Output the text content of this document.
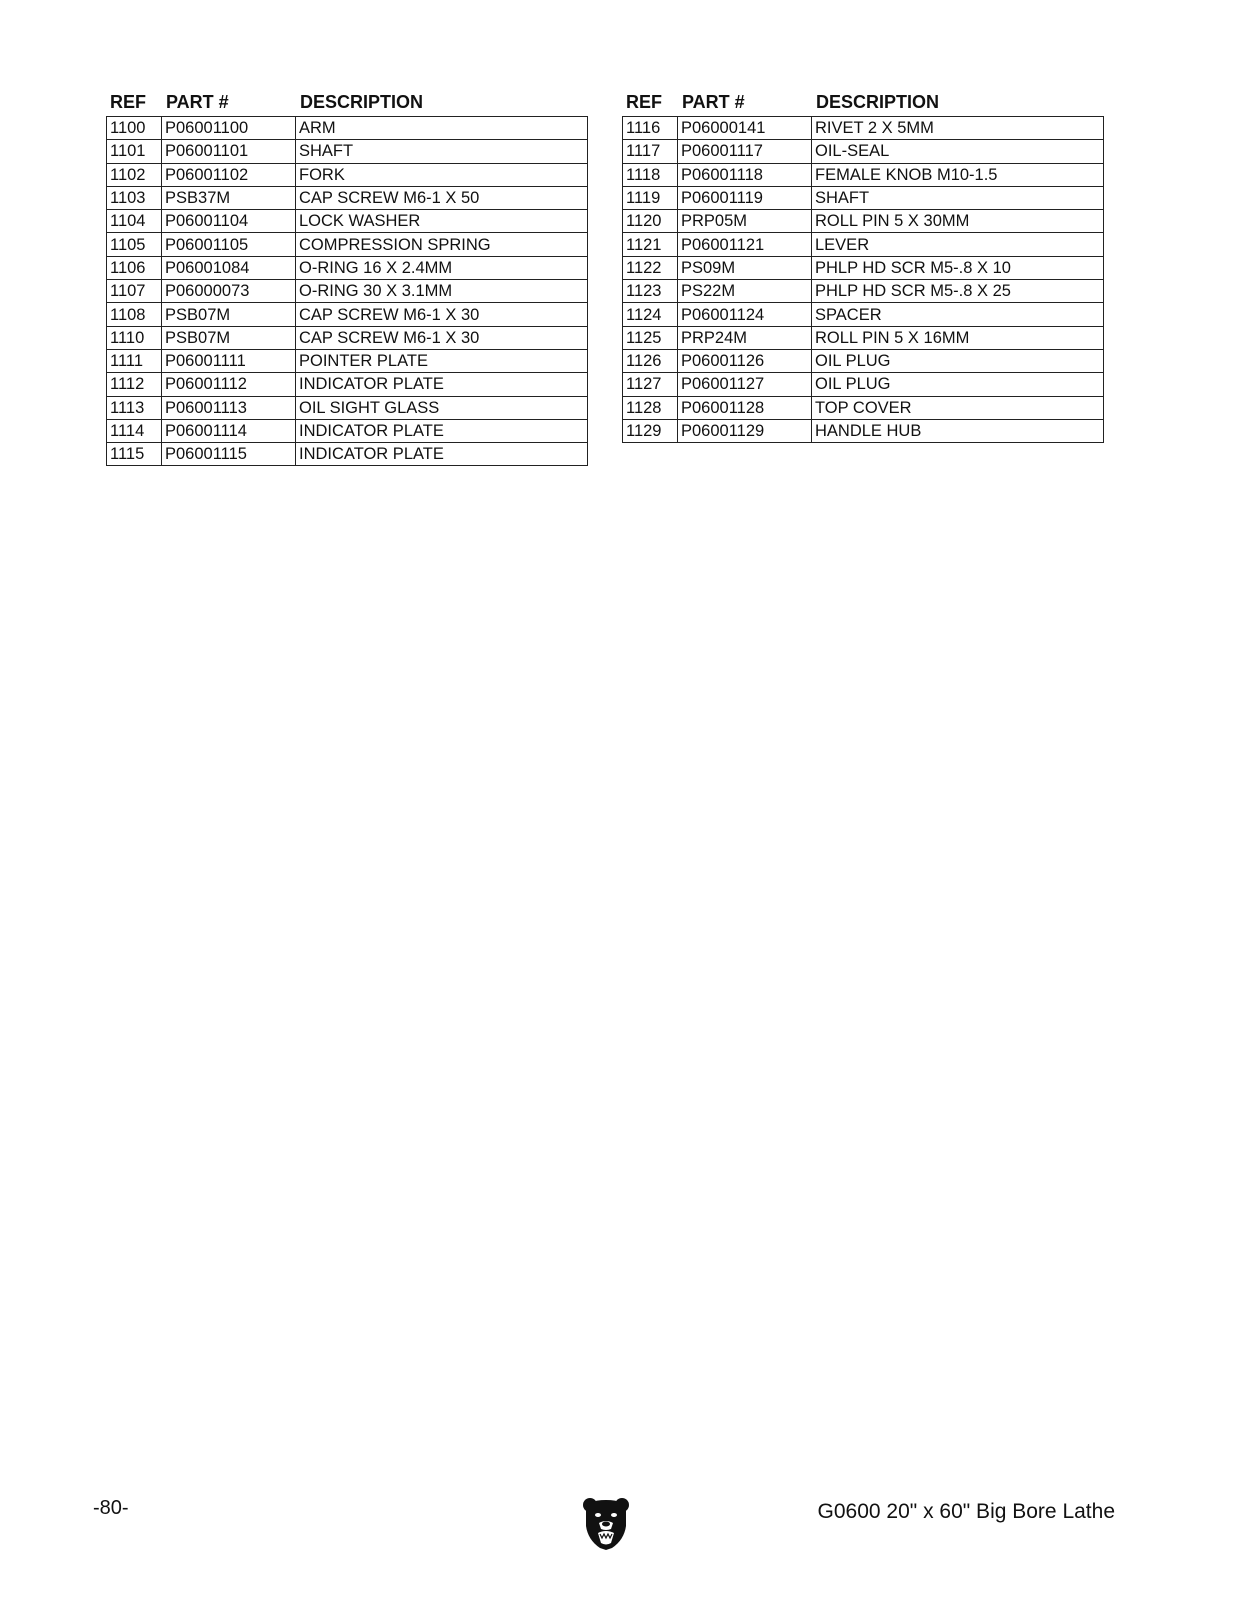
REF PART #	DESCRIPTION
1100	P06001100	ARM
1101	P06001101	SHAFT
1102	P06001102	FORK
1103	PSB37M	CAP SCREW M6-1 X 50
1104	P06001104	LOCK WASHER
1105	P06001105	COMPRESSION SPRING
1106	P06001084	O-RING 16 X 2.4MM
1107	P06000073	O-RING 30 X 3.1MM
1108	PSB07M	CAP SCREW M6-1 X 30
1110	PSB07M	CAP SCREW M6-1 X 30
1111	P06001111	POINTER PLATE
1112	P06001112	INDICATOR PLATE
1113	P06001113	OIL SIGHT GLASS
1114	P06001114	INDICATOR PLATE
1115	P06001115	INDICATOR PLATE
REF PART #	DESCRIPTION
1116	P06000141	RIVET 2 X 5MM
1117	P06001117	OIL-SEAL
1118	P06001118	FEMALE KNOB M10-1.5
1119	P06001119	SHAFT
1120	PRP05M	ROLL PIN 5 X 30MM
1121	P06001121	LEVER
1122	PS09M	PHLP HD SCR M5-.8 X 10
1123	PS22M	PHLP HD SCR M5-.8 X 25
1124	P06001124	SPACER
1125	PRP24M	ROLL PIN 5 X 16MM
1126	P06001126	OIL PLUG
1127	P06001127	OIL PLUG
1128	P06001128	TOP COVER
1129	P06001129	HANDLE HUB
-80-	G0600 20" x 60" Big Bore Lathe
